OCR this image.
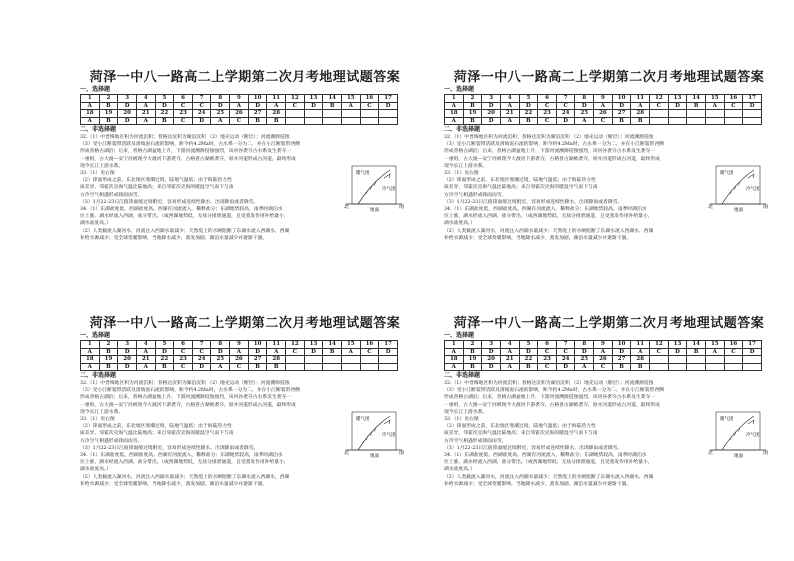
菏泽一中八一路高二上学期第二次月考地理试题答案
一、选择题
1	2	3	4	5	6	7	8	9	10	11	12	13	14	15	16	17
A	B	D	A	D	C	C	D	A	D	A	C	D	B	A	C	D
18	19	20	21	22	23	24	25	26	27	28						
A	B	D	A	B	C	D	A	C	B	B						
二、非选择题

32.（1）中晋梅地区积为河流沉积；普格达沉积为湖泊沉积 （2）地壳运动（断层）；河流溯源侵蚀

（3）受小江断裂带活跃及滑坡泥石流的影响，距今约4.2Ma时，古水系一分为二，并在小江断裂带西侧

形成普格古湖泊；后来，普格古湖盆地上升，下游河流溯源侵蚀强烈，该河谷袭夺古水系发生袭夺一

一重组，古大渡—安宁河被现今大渡河下游袭夺，古格普古湖被袭夺，原并河道形成古河道，最终形成

现今长江上游水系。

33.（1）见右图

（2）锋面形成之前，东北地区寒潮过境，陆地气温低；由于海陆热力性

质差异，邻霍次克海气温比陆地高；来自邻霍次克海的暖湿空气南下与南

方冷空气相遇形成锋面雨雪。

（3）1月22-23日江值锋面缓过境附近，容易形成连续性降水，出现降雨或者降雪。

34.（1）东湖盐度低，西湖盐度高。西湖有河流流入，稀释盐分；东湖地势较高，雨季时湖泊水

位上涨，湖水经流入西湖，盐分带出。（或西湖地势低，无盐分排泄通道，且受蒸发作用补给量小，

湖水盐度高。）

（2）人类截流入湖河水，河流注入西湖水量减少；天然堤上的水闸阻断了东湖水流入西湖水，西湖

补给水源减少；受全球变暖影响，当地降水减少，蒸发加剧，湖泊水量减少并逐渐干涸。

暖气团
冷气团
北	南
地面
菏泽一中八一路高二上学期第二次月考地理试题答案
一、选择题
1	2	3	4	5	6	7	8	9	10	11	12	13	14	15	16	17
A	B	D	A	D	C	C	D	A	D	A	C	D	B	A	C	D
18	19	20	21	22	23	24	25	26	27	28						
A	B	D	A	B	C	D	A	C	B	B						
二、非选择题

32.（1）中晋梅地区积为河流沉积；普格达沉积为湖泊沉积 （2）地壳运动（断层）；河流溯源侵蚀

（3）受小江断裂带活跃及滑坡泥石流的影响，距今约4.2Ma时，古水系一分为二，并在小江断裂带西侧

形成普格古湖泊；后来，普格古湖盆地上升，下游河流溯源侵蚀强烈，该河谷袭夺古水系发生袭夺一

一重组，古大渡—安宁河被现今大渡河下游袭夺，古格普古湖被袭夺，原并河道形成古河道，最终形成

现今长江上游水系。

33.（1）见右图

（2）锋面形成之前，东北地区寒潮过境，陆地气温低；由于海陆热力性

质差异，邻霍次克海气温比陆地高；来自邻霍次克海的暖湿空气南下与南

方冷空气相遇形成锋面雨雪。

（3）1月22-23日江值锋面缓过境附近，容易形成连续性降水，出现降雨或者降雪。

34.（1）东湖盐度低，西湖盐度高。西湖有河流流入，稀释盐分；东湖地势较高，雨季时湖泊水

位上涨，湖水经流入西湖，盐分带出。（或西湖地势低，无盐分排泄通道，且受蒸发作用补给量小，

湖水盐度高。）

（2）人类截流入湖河水，河流注入西湖水量减少；天然堤上的水闸阻断了东湖水流入西湖水，西湖

补给水源减少；受全球变暖影响，当地降水减少，蒸发加剧，湖泊水量减少并逐渐干涸。

暖气团
冷气团
北	南
地面
菏泽一中八一路高二上学期第二次月考地理试题答案
一、选择题
1	2	3	4	5	6	7	8	9	10	11	12	13	14	15	16	17
A	B	D	A	D	C	C	D	A	D	A	C	D	B	A	C	D
18	19	20	21	22	23	24	25	26	27	28						
A	B	D	A	B	C	D	A	C	B	B						
二、非选择题

32.（1）中晋梅地区积为河流沉积；普格达沉积为湖泊沉积 （2）地壳运动（断层）；河流溯源侵蚀

（3）受小江断裂带活跃及滑坡泥石流的影响，距今约4.2Ma时，古水系一分为二，并在小江断裂带西侧

形成普格古湖泊；后来，普格古湖盆地上升，下游河流溯源侵蚀强烈，该河谷袭夺古水系发生袭夺一

一重组，古大渡—安宁河被现今大渡河下游袭夺，古格普古湖被袭夺，原并河道形成古河道，最终形成

现今长江上游水系。

33.（1）见右图

（2）锋面形成之前，东北地区寒潮过境，陆地气温低；由于海陆热力性

质差异，邻霍次克海气温比陆地高；来自邻霍次克海的暖湿空气南下与南

方冷空气相遇形成锋面雨雪。

（3）1月22-23日江值锋面缓过境附近，容易形成连续性降水，出现降雨或者降雪。

34.（1）东湖盐度低，西湖盐度高。西湖有河流流入，稀释盐分；东湖地势较高，雨季时湖泊水

位上涨，湖水经流入西湖，盐分带出。（或西湖地势低，无盐分排泄通道，且受蒸发作用补给量小，

湖水盐度高。）

（2）人类截流入湖河水，河流注入西湖水量减少；天然堤上的水闸阻断了东湖水流入西湖水，西湖

补给水源减少；受全球变暖影响，当地降水减少，蒸发加剧，湖泊水量减少并逐渐干涸。

暖气团
冷气团
北	南
地面
菏泽一中八一路高二上学期第二次月考地理试题答案
一、选择题
1	2	3	4	5	6	7	8	9	10	11	12	13	14	15	16	17
A	B	D	A	D	C	C	D	A	D	A	C	D	B	A	C	D
18	19	20	21	22	23	24	25	26	27	28						
A	B	D	A	B	C	D	A	C	B	B						
二、非选择题

32.（1）中晋梅地区积为河流沉积；普格达沉积为湖泊沉积 （2）地壳运动（断层）；河流溯源侵蚀

（3）受小江断裂带活跃及滑坡泥石流的影响，距今约4.2Ma时，古水系一分为二，并在小江断裂带西侧

形成普格古湖泊；后来，普格古湖盆地上升，下游河流溯源侵蚀强烈，该河谷袭夺古水系发生袭夺一

一重组，古大渡—安宁河被现今大渡河下游袭夺，古格普古湖被袭夺，原并河道形成古河道，最终形成

现今长江上游水系。

33.（1）见右图

（2）锋面形成之前，东北地区寒潮过境，陆地气温低；由于海陆热力性

质差异，邻霍次克海气温比陆地高；来自邻霍次克海的暖湿空气南下与南

方冷空气相遇形成锋面雨雪。

（3）1月22-23日江值锋面缓过境附近，容易形成连续性降水，出现降雨或者降雪。

34.（1）东湖盐度低，西湖盐度高。西湖有河流流入，稀释盐分；东湖地势较高，雨季时湖泊水

位上涨，湖水经流入西湖，盐分带出。（或西湖地势低，无盐分排泄通道，且受蒸发作用补给量小，

湖水盐度高。）

（2）人类截流入湖河水，河流注入西湖水量减少；天然堤上的水闸阻断了东湖水流入西湖水，西湖

补给水源减少；受全球变暖影响，当地降水减少，蒸发加剧，湖泊水量减少并逐渐干涸。

暖气团
冷气团
北	南
地面
